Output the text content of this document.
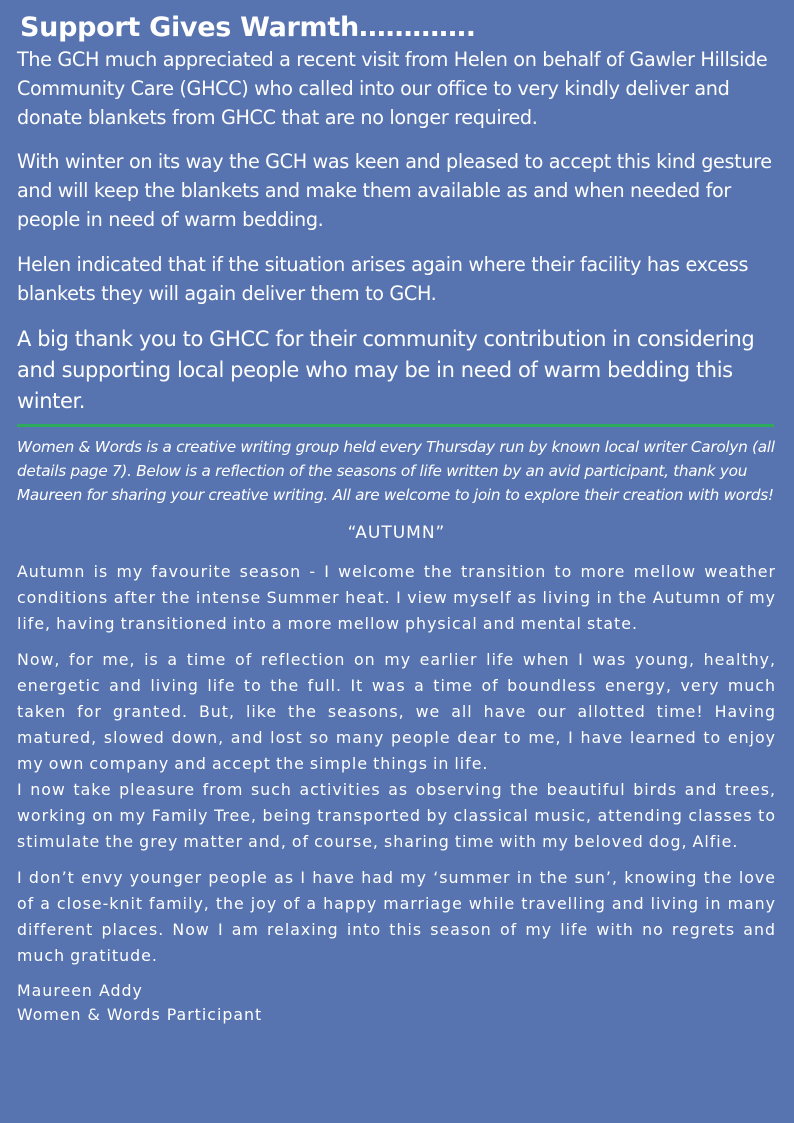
Support Gives Warmth………….

The GCH much appreciated a recent visit from Helen on behalf of Gawler Hillside Community Care (GHCC) who called into our office to very kindly deliver and donate blankets from GHCC that are no longer required.

With winter on its way the GCH was keen and pleased to accept this kind gesture and will keep the blankets and make them available as and when needed for people in need of warm bedding.

Helen indicated that if the situation arises again where their facility has excess blankets they will again deliver them to GCH.

A big thank you to GHCC for their community contribution in considering and supporting local people who may be in need of warm bedding this winter.

Women & Words is a creative writing group held every Thursday run by known local writer Carolyn (all details page 7). Below is a reflection of the seasons of life written by an avid participant, thank you Maureen for sharing your creative writing. All are welcome to join to explore their creation with words!

“AUTUMN”

Autumn is my favourite season - I welcome the transition to more mellow weather conditions after the intense Summer heat. I view myself as living in the Autumn of my life, having transitioned into a more mellow physical and mental state.

Now, for me, is a time of reflection on my earlier life when I was young, healthy, energetic and living life to the full. It was a time of boundless energy, very much taken for granted. But, like the seasons, we all have our allotted time! Having matured, slowed down, and lost so many people dear to me, I have learned to enjoy my own company and accept the simple things in life.

I now take pleasure from such activities as observing the beautiful birds and trees, working on my Family Tree, being transported by classical music, attending classes to stimulate the grey matter and, of course, sharing time with my beloved dog, Alfie.

I don’t envy younger people as I have had my ‘summer in the sun’, knowing the love of a close-knit family, the joy of a happy marriage while travelling and living in many different places. Now I am relaxing into this season of my life with no regrets and much gratitude.

Maureen Addy
Women & Words Participant
